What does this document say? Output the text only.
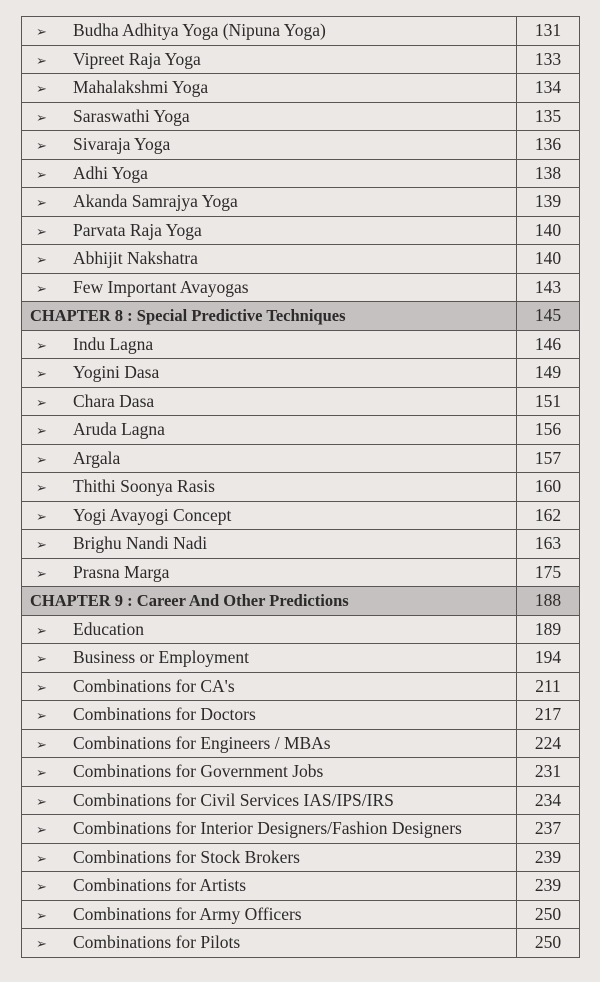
➢ Budha Adhitya Yoga (Nipuna Yoga)	131
➢ Vipreet Raja Yoga	133
➢ Mahalakshmi Yoga	134
➢ Saraswathi Yoga	135
➢ Sivaraja Yoga	136
➢ Adhi Yoga	138
➢ Akanda Samrajya Yoga	139
➢ Parvata Raja Yoga	140
➢ Abhijit Nakshatra	140
➢ Few Important Avayogas	143
CHAPTER 8 : Special Predictive Techniques	145
➢ Indu Lagna	146
➢ Yogini Dasa	149
➢ Chara Dasa	151
➢ Aruda Lagna	156
➢ Argala	157
➢ Thithi Soonya Rasis	160
➢ Yogi Avayogi Concept	162
➢ Brighu Nandi Nadi	163
➢ Prasna Marga	175
CHAPTER 9 : Career And Other Predictions	188
➢ Education	189
➢ Business or Employment	194
➢ Combinations for CA's	211
➢ Combinations for Doctors	217
➢ Combinations for Engineers / MBAs	224
➢ Combinations for Government Jobs	231
➢ Combinations for Civil Services IAS/IPS/IRS	234
➢ Combinations for Interior Designers/Fashion Designers	237
➢ Combinations for Stock Brokers	239
➢ Combinations for Artists	239
➢ Combinations for Army Officers	250
➢ Combinations for Pilots	250
